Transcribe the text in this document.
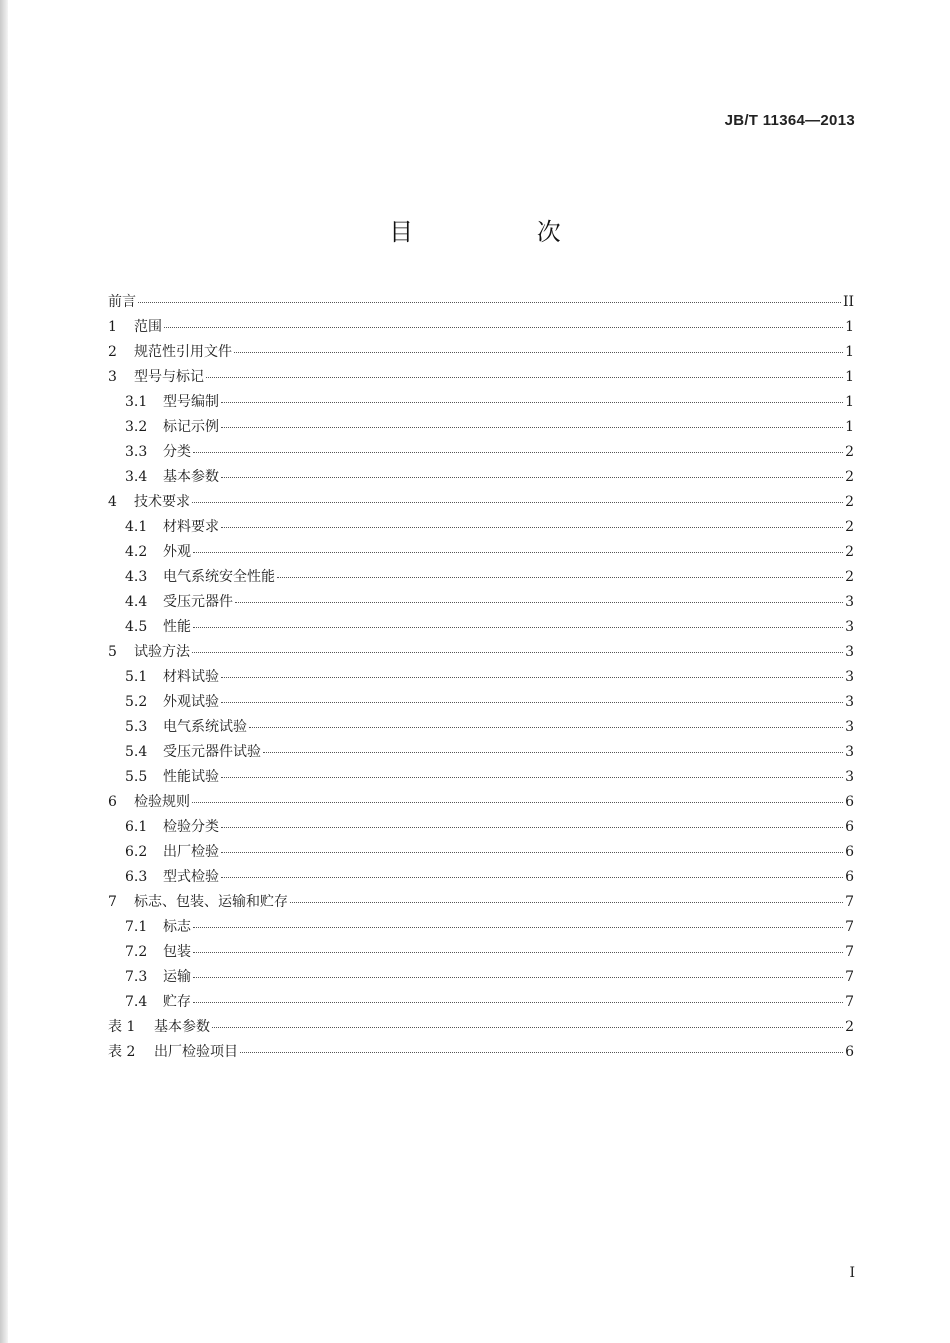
JB/T 11364—2013
目 次
前言	II
1	范围	1
2	规范性引用文件	1
3	型号与标记	1
3.1	型号编制	1
3.2	标记示例	1
3.3	分类	2
3.4	基本参数	2
4	技术要求	2
4.1	材料要求	2
4.2	外观	2
4.3	电气系统安全性能	2
4.4	受压元器件	3
4.5	性能	3
5	试验方法	3
5.1	材料试验	3
5.2	外观试验	3
5.3	电气系统试验	3
5.4	受压元器件试验	3
5.5	性能试验	3
6	检验规则	6
6.1	检验分类	6
6.2	出厂检验	6
6.3	型式检验	6
7	标志、包装、运输和贮存	7
7.1	标志	7
7.2	包装	7
7.3	运输	7
7.4	贮存	7
表 1	基本参数	2
表 2	出厂检验项目	6
I
